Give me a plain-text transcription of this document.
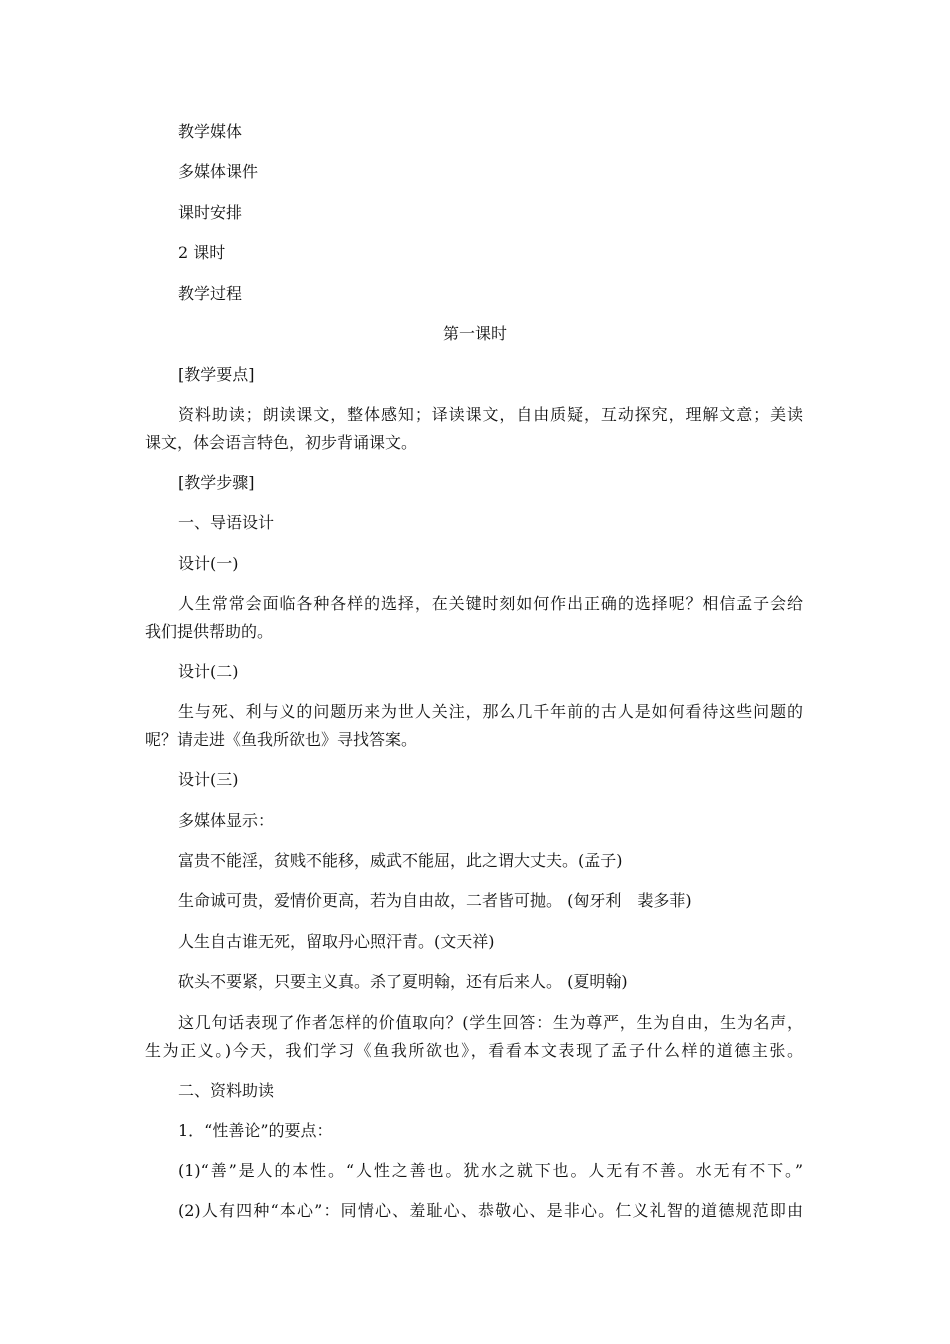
教学媒体
多媒体课件
课时安排
2 课时
教学过程
第一课时
[教学要点]
资料助读；朗读课文，整体感知；译读课文，自由质疑，互动探究，理解文意；美读
课文，体会语言特色，初步背诵课文。
[教学步骤]
一、导语设计
设计(一)
人生常常会面临各种各样的选择，在关键时刻如何作出正确的选择呢？相信孟子会给
我们提供帮助的。
设计(二)
生与死、利与义的问题历来为世人关注，那么几千年前的古人是如何看待这些问题的
呢？请走进《鱼我所欲也》寻找答案。
设计(三)
多媒体显示：
富贵不能淫，贫贱不能移，威武不能屈，此之谓大丈夫。(孟子)
生命诚可贵，爱情价更高，若为自由故，二者皆可抛。 (匈牙利　裴多菲)
人生自古谁无死，留取丹心照汗青。(文天祥)
砍头不要紧，只要主义真。杀了夏明翰，还有后来人。 (夏明翰)
这几句话表现了作者怎样的价值取向？(学生回答：生为尊严，生为自由，生为名声，
生为正义。)今天，我们学习《鱼我所欲也》，看看本文表现了孟子什么样的道德主张。
二、资料助读
1．“性善论”的要点：
(1)“善”是人的本性。“人性之善也。犹水之就下也。人无有不善。水无有不下。”
(2)人有四种“本心”：同情心、羞耻心、恭敬心、是非心。仁义礼智的道德规范即由
